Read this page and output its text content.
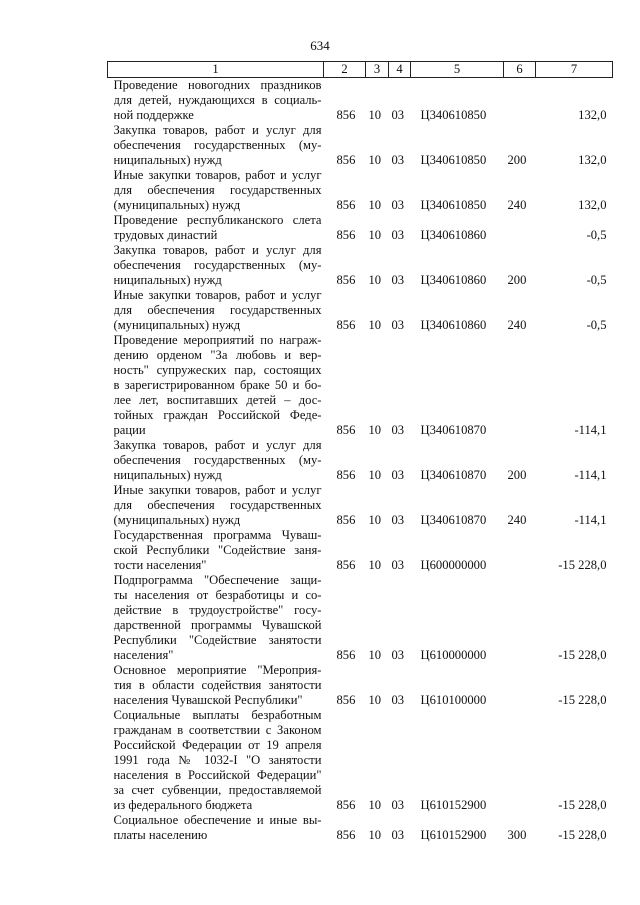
634
1	2	3	4	5	6	7

Проведение новогодних праздников
для детей, нуждающихся в социаль-
ной поддержке	856	10	03	Ц340610850		132,0

Закупка товаров, работ и услуг для
обеспечения государственных (му-
ниципальных) нужд	856	10	03	Ц340610850	200	132,0

Иные закупки товаров, работ и услуг
для обеспечения государственных
(муниципальных) нужд	856	10	03	Ц340610850	240	132,0

Проведение республиканского слета
трудовых династий	856	10	03	Ц340610860		-0,5

Закупка товаров, работ и услуг для
обеспечения государственных (му-
ниципальных) нужд	856	10	03	Ц340610860	200	-0,5

Иные закупки товаров, работ и услуг
для обеспечения государственных
(муниципальных) нужд	856	10	03	Ц340610860	240	-0,5

Проведение мероприятий по награж-
дению орденом "За любовь и вер-
ность" супружеских пар, состоящих
в зарегистрированном браке 50 и бо-
лее лет, воспитавших детей – дос-
тойных граждан Российской Феде-
рации	856	10	03	Ц340610870		-114,1

Закупка товаров, работ и услуг для
обеспечения государственных (му-
ниципальных) нужд	856	10	03	Ц340610870	200	-114,1

Иные закупки товаров, работ и услуг
для обеспечения государственных
(муниципальных) нужд	856	10	03	Ц340610870	240	-114,1

Государственная программа Чуваш-
ской Республики "Содействие заня-
тости населения"	856	10	03	Ц600000000		-15 228,0

Подпрограмма "Обеспечение защи-
ты населения от безработицы и со-
действие в трудоустройстве" госу-
дарственной программы Чувашской
Республики "Содействие занятости
населения"	856	10	03	Ц610000000		-15 228,0

Основное мероприятие "Мероприя-
тия в области содействия занятости
населения Чувашской Республики"	856	10	03	Ц610100000		-15 228,0

Социальные выплаты безработным
гражданам в соответствии с Законом
Российской Федерации от 19 апреля
1991 года № 1032-I "О занятости
населения в Российской Федерации"
за счет субвенции, предоставляемой
из федерального бюджета	856	10	03	Ц610152900		-15 228,0

Социальное обеспечение и иные вы-
платы населению	856	10	03	Ц610152900	300	-15 228,0
